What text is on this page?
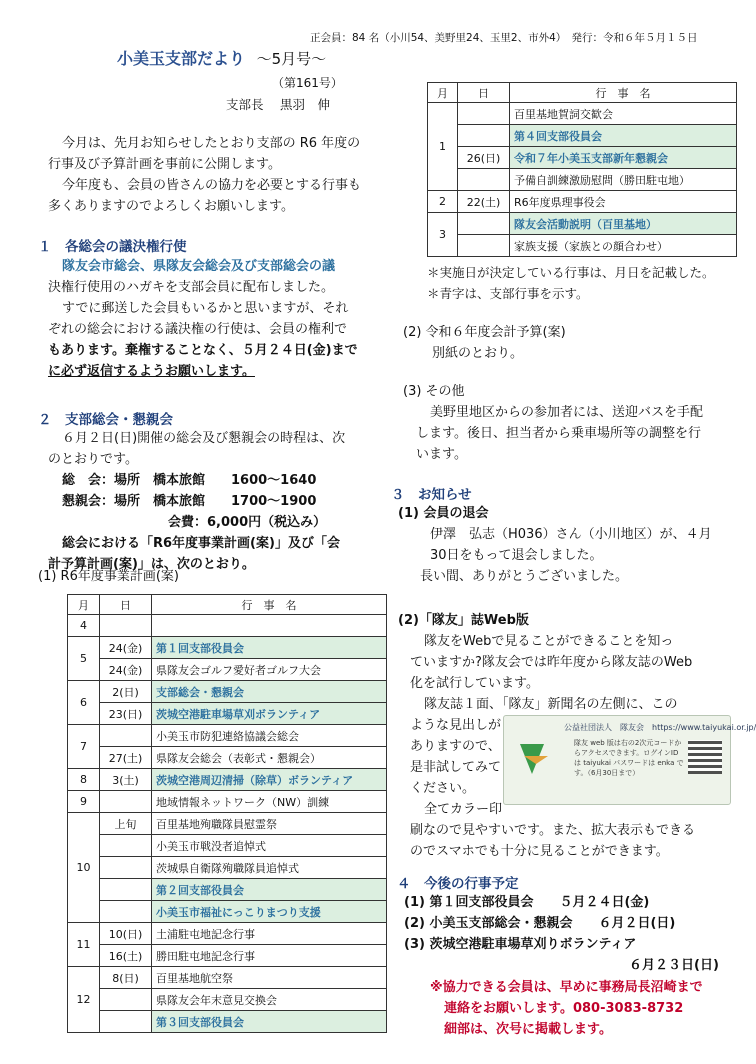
正会員：84 名（小川54、美野里24、玉里2、市外4）　発行：令和６年５月１５日
小美玉支部だより ～5月号～
（第161号）
支部長　 黒羽　伸
今月は、先月お知らせしたとおり支部の R6 年度の
行事及び予算計画を事前に公開します。
今年度も、会員の皆さんの協力を必要とする行事も
多くありますのでよろしくお願いします。
１　各総会の議決権行使
隊友会市総会、県隊友会総会及び支部総会の議
決権行使用のハガキを支部会員に配布しました。
すでに郵送した会員もいるかと思いますが、それ
ぞれの総会における議決権の行使は、会員の権利で
もあります。棄権することなく、５月２４日(金)まで
に必ず返信するようお願いします。
２　支部総会・懇親会
６月２日(日)開催の総会及び懇親会の時程は、次
のとおりです。
総　会：場所　橋本旅館　　1600～1640
懇親会：場所　橋本旅館　　1700～1900
会費：6,000円（税込み）
総会における「R6年度事業計画(案)」及び「会
計予算計画(案)」は、次のとおり。
(1) R6年度事業計画(案)
月	日	行　事　名
4		
5	24(金)	第１回支部役員会
	24(金)	県隊友会ゴルフ愛好者ゴルフ大会
6	2(日)	支部総会・懇親会
	23(日)	茨城空港駐車場草刈ボランティア
7		小美玉市防犯連絡協議会総会
	27(土)	県隊友会総会（表彰式・懇親会）
8	3(土)	茨城空港周辺清掃（除草）ボランティア
9		地域情報ネットワーク（NW）訓練
10	上旬	百里基地殉職隊員慰霊祭
		小美玉市戦没者追悼式
		茨城県自衛隊殉職隊員追悼式
		第２回支部役員会
		小美玉市福祉にっこりまつり支援
11	10(日)	土浦駐屯地記念行事
	16(土)	勝田駐屯地記念行事
12	8(日)	百里基地航空祭
		県隊友会年末意見交換会
		第３回支部役員会
月	日	行　事　名
1		百里基地賀詞交歓会
		第４回支部役員会
	26(日)	令和７年小美玉支部新年懇親会
		予備自訓練激励慰問（勝田駐屯地）
2	22(土)	R6年度県理事役会
3		隊友会活動説明（百里基地）
		家族支援（家族との顔合わせ）
＊実施日が決定している行事は、月日を記載した。
＊青字は、支部行事を示す。
(2) 令和６年度会計予算(案)
別紙のとおり。
(3) その他
美野里地区からの参加者には、送迎バスを手配
します。後日、担当者から乗車場所等の調整を行
います。
３　お知らせ
(1) 会員の退会
伊澤　弘志（H036）さん（小川地区）が、４月
30日をもって退会しました。
長い間、ありがとうございました。
(2)「隊友」誌Web版
隊友をWebで見ることができることを知っ
ていますか?隊友会では昨年度から隊友誌のWeb
化を試行しています。
隊友誌１面、「隊友」新聞名の左側に、この
ような見出しが
ありますので、
是非試してみて
ください。
全てカラー印
刷なので見やすいです。また、拡大表示もできる
のでスマホでも十分に見ることができます。
公益社団法人　隊友会　https://www.taiyukai.or.jp/
隊友 web 版は右の2次元コードからアクセスできます。ログインID は taiyukai パスワードは enka です。（6月30日まで）
４　今後の行事予定
(1) 第１回支部役員会　　５月２４日(金)
(2) 小美玉支部総会・懇親会　　６月２日(日)
(3) 茨城空港駐車場草刈りボランティア
６月２３日(日)
※協力できる会員は、早めに事務局長沼崎まで
連絡をお願いします。080-3083-8732
細部は、次号に掲載します。
